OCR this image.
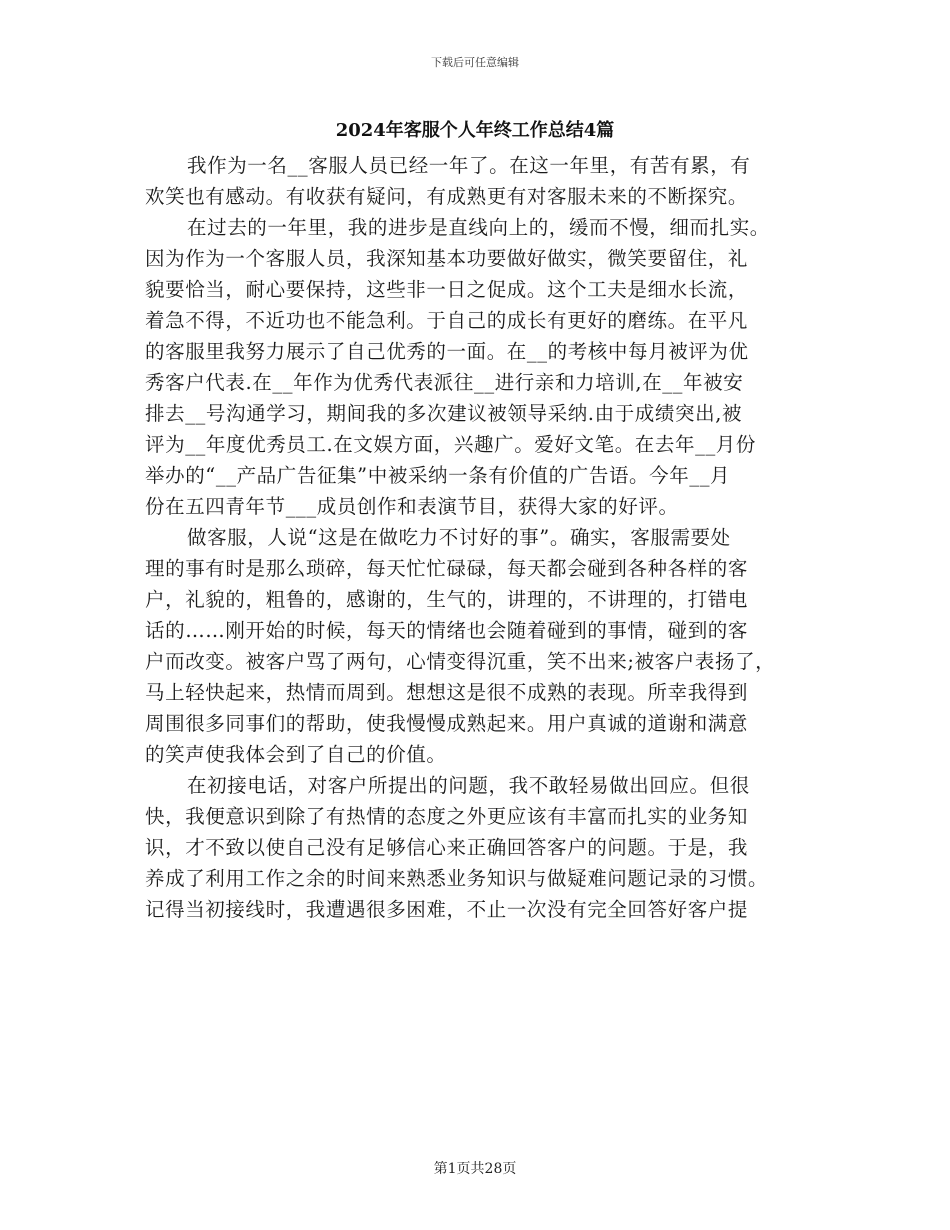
下载后可任意编辑
2024年客服个人年终工作总结4篇
我作为一名__客服人员已经一年了。在这一年里，有苦有累，有
欢笑也有感动。有收获有疑问，有成熟更有对客服未来的不断探究。
在过去的一年里，我的进步是直线向上的，缓而不慢，细而扎实。
因为作为一个客服人员，我深知基本功要做好做实，微笑要留住，礼
貌要恰当，耐心要保持，这些非一日之促成。这个工夫是细水长流，
着急不得，不近功也不能急利。于自己的成长有更好的磨练。在平凡
的客服里我努力展示了自己优秀的一面。在__的考核中每月被评为优
秀客户代表.在__年作为优秀代表派往__进行亲和力培训,在__年被安
排去__号沟通学习，期间我的多次建议被领导采纳.由于成绩突出,被
评为__年度优秀员工.在文娱方面，兴趣广。爱好文笔。在去年__月份
举办的“__产品广告征集”中被采纳一条有价值的广告语。今年__月
份在五四青年节___成员创作和表演节目，获得大家的好评。
做客服，人说“这是在做吃力不讨好的事”。确实，客服需要处
理的事有时是那么琐碎，每天忙忙碌碌，每天都会碰到各种各样的客
户，礼貌的，粗鲁的，感谢的，生气的，讲理的，不讲理的，打错电
话的……刚开始的时候，每天的情绪也会随着碰到的事情，碰到的客
户而改变。被客户骂了两句，心情变得沉重，笑不出来;被客户表扬了，
马上轻快起来，热情而周到。想想这是很不成熟的表现。所幸我得到
周围很多同事们的帮助，使我慢慢成熟起来。用户真诚的道谢和满意
的笑声使我体会到了自己的价值。
在初接电话，对客户所提出的问题，我不敢轻易做出回应。但很
快，我便意识到除了有热情的态度之外更应该有丰富而扎实的业务知
识，才不致以使自己没有足够信心来正确回答客户的问题。于是，我
养成了利用工作之余的时间来熟悉业务知识与做疑难问题记录的习惯。
记得当初接线时，我遭遇很多困难，不止一次没有完全回答好客户提
第1页共28页
